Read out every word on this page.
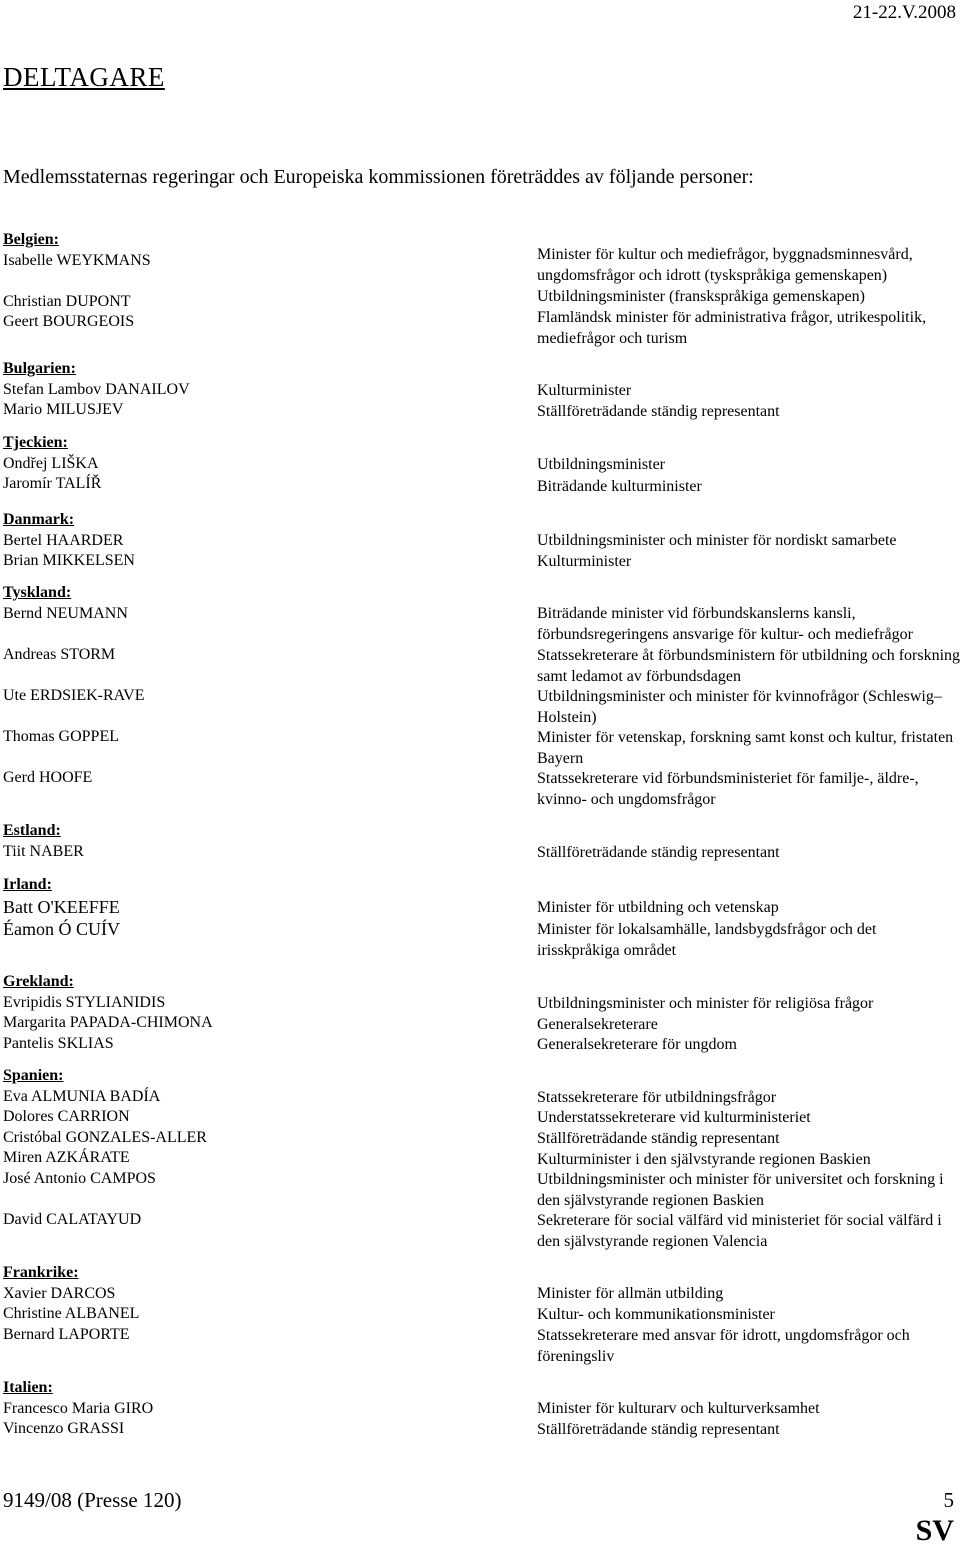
21-22.V.2008
DELTAGARE
Medlemsstaternas regeringar och Europeiska kommissionen företräddes av följande personer:
Belgien:
Isabelle WEYKMANS
Christian DUPONT
Geert BOURGEOIS
Bulgarien:
Stefan Lambov DANAILOV
Mario MILUSJEV
Tjeckien:
Ondřej LIŠKA
Jaromír TALÍŘ
Danmark:
Bertel HAARDER
Brian MIKKELSEN
Tyskland:
Bernd NEUMANN
Andreas STORM
Ute ERDSIEK-RAVE
Thomas GOPPEL
Gerd HOOFE
Estland:
Tiit NABER
Irland:
Batt O'KEEFFE
Éamon Ó CUÍV
Grekland:
Evripidis STYLIANIDIS
Margarita PAPADA-CHIMONA
Pantelis SKLIAS
Spanien:
Eva ALMUNIA BADÍA
Dolores CARRION
Cristóbal GONZALES-ALLER
Miren AZKÁRATE
José Antonio CAMPOS
David CALATAYUD
Frankrike:
Xavier DARCOS
Christine ALBANEL
Bernard LAPORTE
Italien:
Francesco Maria GIRO
Vincenzo GRASSI
Minister för kultur och mediefrågor, byggnadsminnesvård, ungdomsfrågor och idrott (tyskspråkiga gemenskapen)
Utbildningsminister (franskspråkiga gemenskapen)
Flamländsk minister för administrativa frågor, utrikespolitik, mediefrågor och turism
Kulturminister
Ställföreträdande ständig representant
Utbildningsminister
Biträdande kulturminister
Utbildningsminister och minister för nordiskt samarbete
Kulturminister
Biträdande minister vid förbundskanslerns kansli, förbundsregeringens ansvarige för kultur- och mediefrågor
Statssekreterare åt förbundsministern för utbildning och forskning samt ledamot av förbundsdagen
Utbildningsminister och minister för kvinnofrågor (Schleswig–Holstein)
Minister för vetenskap, forskning samt konst och kultur, fristaten Bayern
Statssekreterare vid förbundsministeriet för familje-, äldre-, kvinno- och ungdomsfrågor
Ställföreträdande ständig representant
Minister för utbildning och vetenskap
Minister för lokalsamhälle, landsbygdsfrågor och det irisskpråkiga området
Utbildningsminister och minister för religiösa frågor
Generalsekreterare
Generalsekreterare för ungdom
Statssekreterare för utbildningsfrågor
Understatssekreterare vid kulturministeriet
Ställföreträdande ständig representant
Kulturminister i den självstyrande regionen Baskien
Utbildningsminister och minister för universitet och forskning i den självstyrande regionen Baskien
Sekreterare för social välfärd vid ministeriet för social välfärd i den självstyrande regionen Valencia
Minister för allmän utbilding
Kultur- och kommunikationsminister
Statssekreterare med ansvar för idrott, ungdomsfrågor och föreningsliv
Minister för kulturarv och kulturverksamhet
Ställföreträdande ständig representant
9149/08 (Presse 120)	5
SV
